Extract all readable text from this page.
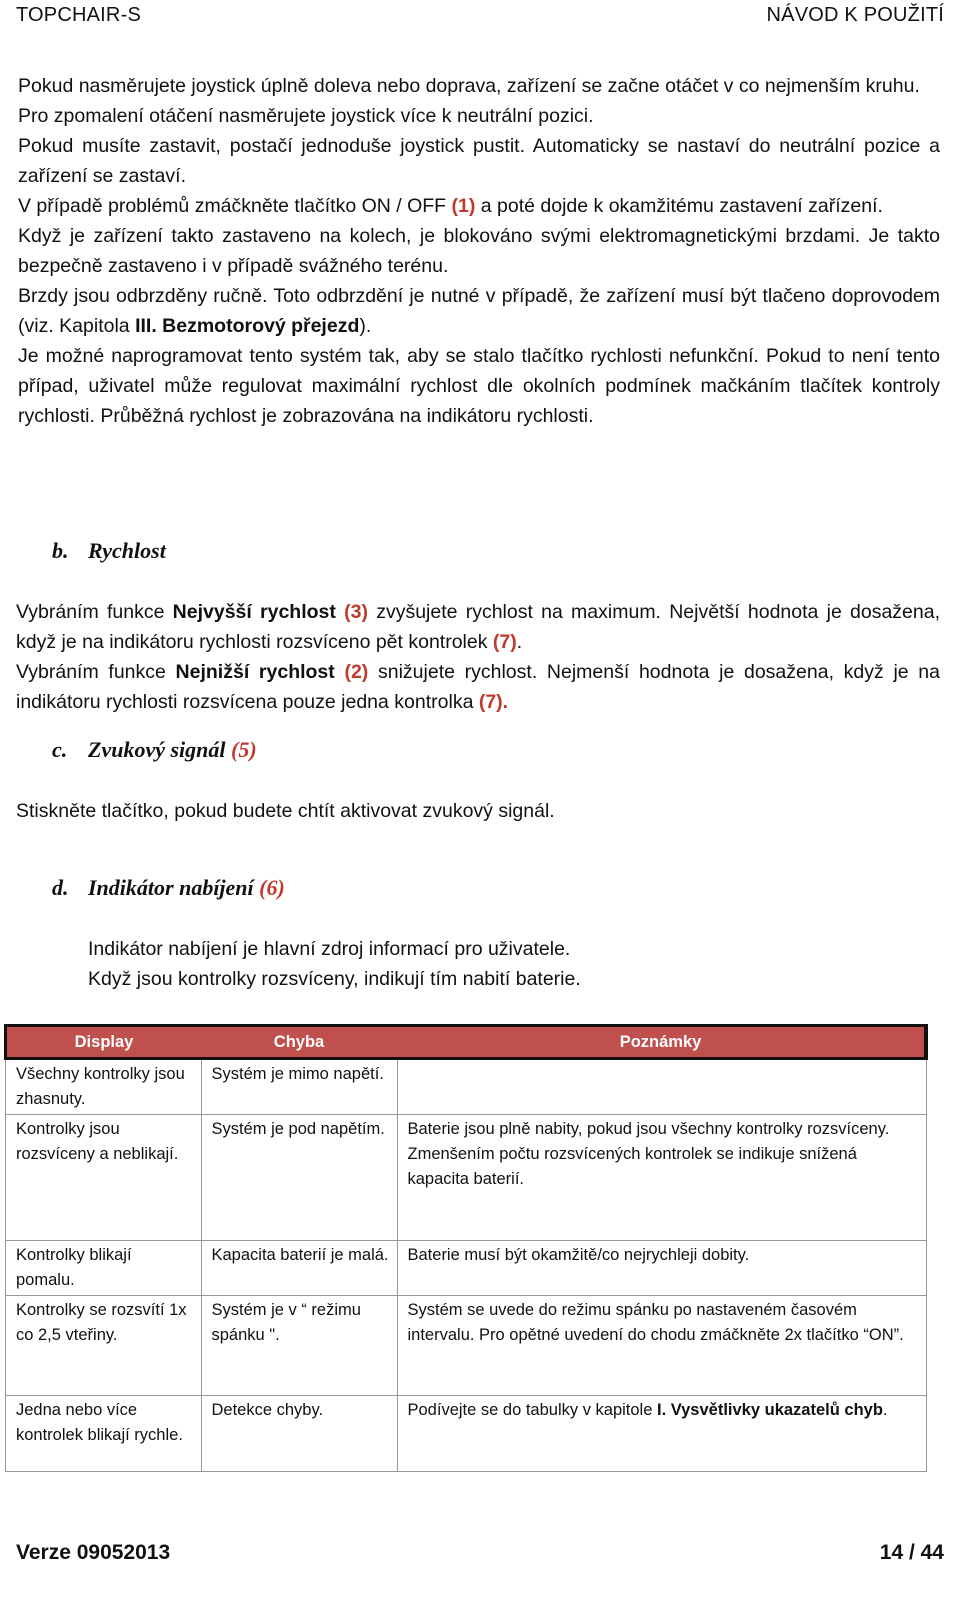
TOPCHAIR-S	NÁVOD K POUŽITÍ

Pokud nasměrujete joystick úplně doleva nebo doprava, zařízení se začne otáčet v co nejmenším kruhu.

Pro zpomalení otáčení nasměrujete joystick více k neutrální pozici.

Pokud musíte zastavit, postačí jednoduše joystick pustit. Automaticky se nastaví do neutrální pozice a zařízení se zastaví.

V případě problémů zmáčkněte tlačítko ON / OFF (1) a poté dojde k okamžitému zastavení zařízení.

Když je zařízení takto zastaveno na kolech, je blokováno svými elektromagnetickými brzdami. Je takto bezpečně zastaveno i v případě svážného terénu.

Brzdy jsou odbrzděny ručně. Toto odbrzdění je nutné v případě, že zařízení musí být tlačeno doprovodem (viz. Kapitola III. Bezmotorový přejezd).

Je možné naprogramovat tento systém tak, aby se stalo tlačítko rychlosti nefunkční. Pokud to není tento případ, uživatel může regulovat maximální rychlost dle okolních podmínek mačkáním tlačítek kontroly rychlosti. Průběžná rychlost je zobrazována na indikátoru rychlosti.

b. Rychlost

Vybráním funkce Nejvyšší rychlost (3) zvyšujete rychlost na maximum. Největší hodnota je dosažena, když je na indikátoru rychlosti rozsvíceno pět kontrolek (7).

Vybráním funkce Nejnižší rychlost (2) snižujete rychlost. Nejmenší hodnota je dosažena, když je na indikátoru rychlosti rozsvícena pouze jedna kontrolka (7).

c. Zvukový signál (5)

Stiskněte tlačítko, pokud budete chtít aktivovat zvukový signál.

d. Indikátor nabíjení (6)
Indikátor nabíjení je hlavní zdroj informací pro uživatele.
Když jsou kontrolky rozsvíceny, indikují tím nabití baterie.
Display	Chyba	Poznámky
Všechny kontrolky jsou zhasnuty.	Systém je mimo napětí.	
Kontrolky jsou rozsvíceny a neblikají.	Systém je pod napětím.	Baterie jsou plně nabity, pokud jsou všechny kontrolky rozsvíceny.
Zmenšením počtu rozsvícených kontrolek se indikuje snížená kapacita baterií.

Kontrolky blikají pomalu.	Kapacita baterií je malá.	Baterie musí být okamžitě/co nejrychleji dobity.
Kontrolky se rozsvítí 1x co 2,5 vteřiny.	Systém je v “ režimu spánku ".	Systém se uvede do režimu spánku po nastaveném časovém intervalu. Pro opětné uvedení do chodu zmáčkněte 2x tlačítko “ON”.
Jedna nebo více kontrolek blikají rychle.	Detekce chyby.	Podívejte se do tabulky v kapitole I. Vysvětlivky ukazatelů chyb.
Verze 09052013	14 / 44
